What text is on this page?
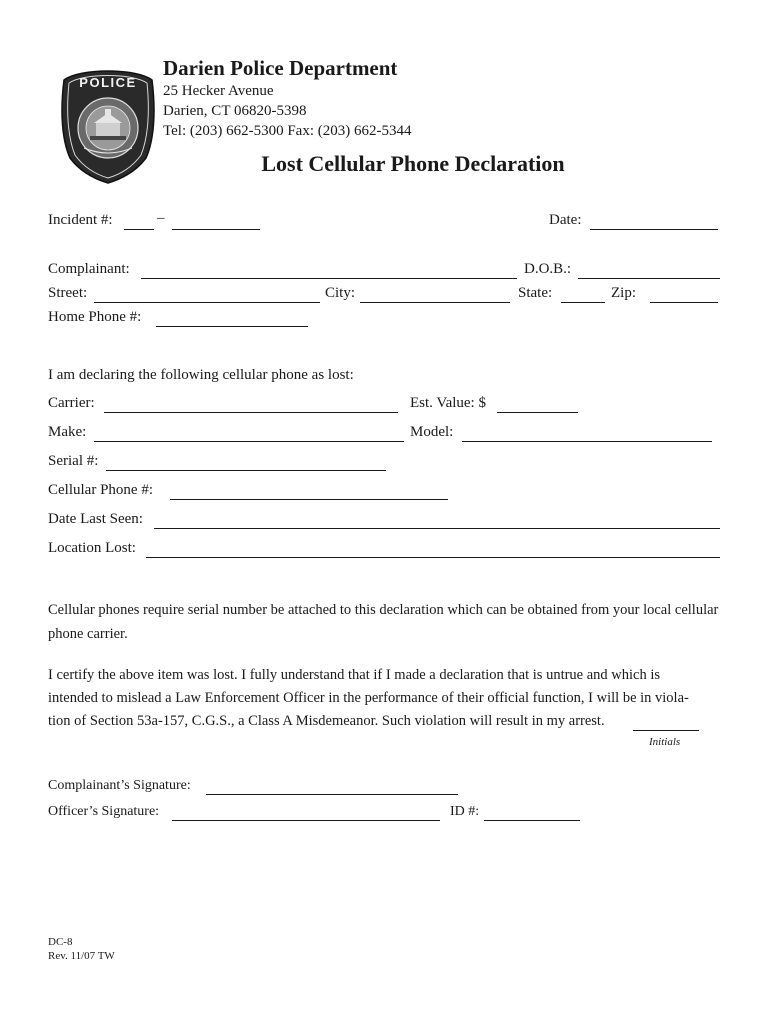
POLICE
Darien Police Department
25 Hecker Avenue
Darien, CT 06820-5398
Tel: (203) 662-5300 Fax: (203) 662-5344
Lost Cellular Phone Declaration
Incident #:	–	Date:
Complainant:	D.O.B.:
Street:	City:	State:	Zip:
Home Phone #:
I am declaring the following cellular phone as lost:
Carrier:	Est. Value: $
Make:	Model:
Serial #:
Cellular Phone #:
Date Last Seen:
Location Lost:
Cellular phones require serial number be attached to this declaration which can be obtained from your local cellular phone carrier.
I certify the above item was lost. I fully understand that if I made a declaration that is untrue and which is
intended to mislead a Law Enforcement Officer in the performance of their official function, I will be in viola-
tion of Section 53a-157, C.G.S., a Class A Misdemeanor. Such violation will result in my arrest.
Initials
Complainant’s Signature:
Officer’s Signature:	ID #:
DC-8
Rev. 11/07 TW
